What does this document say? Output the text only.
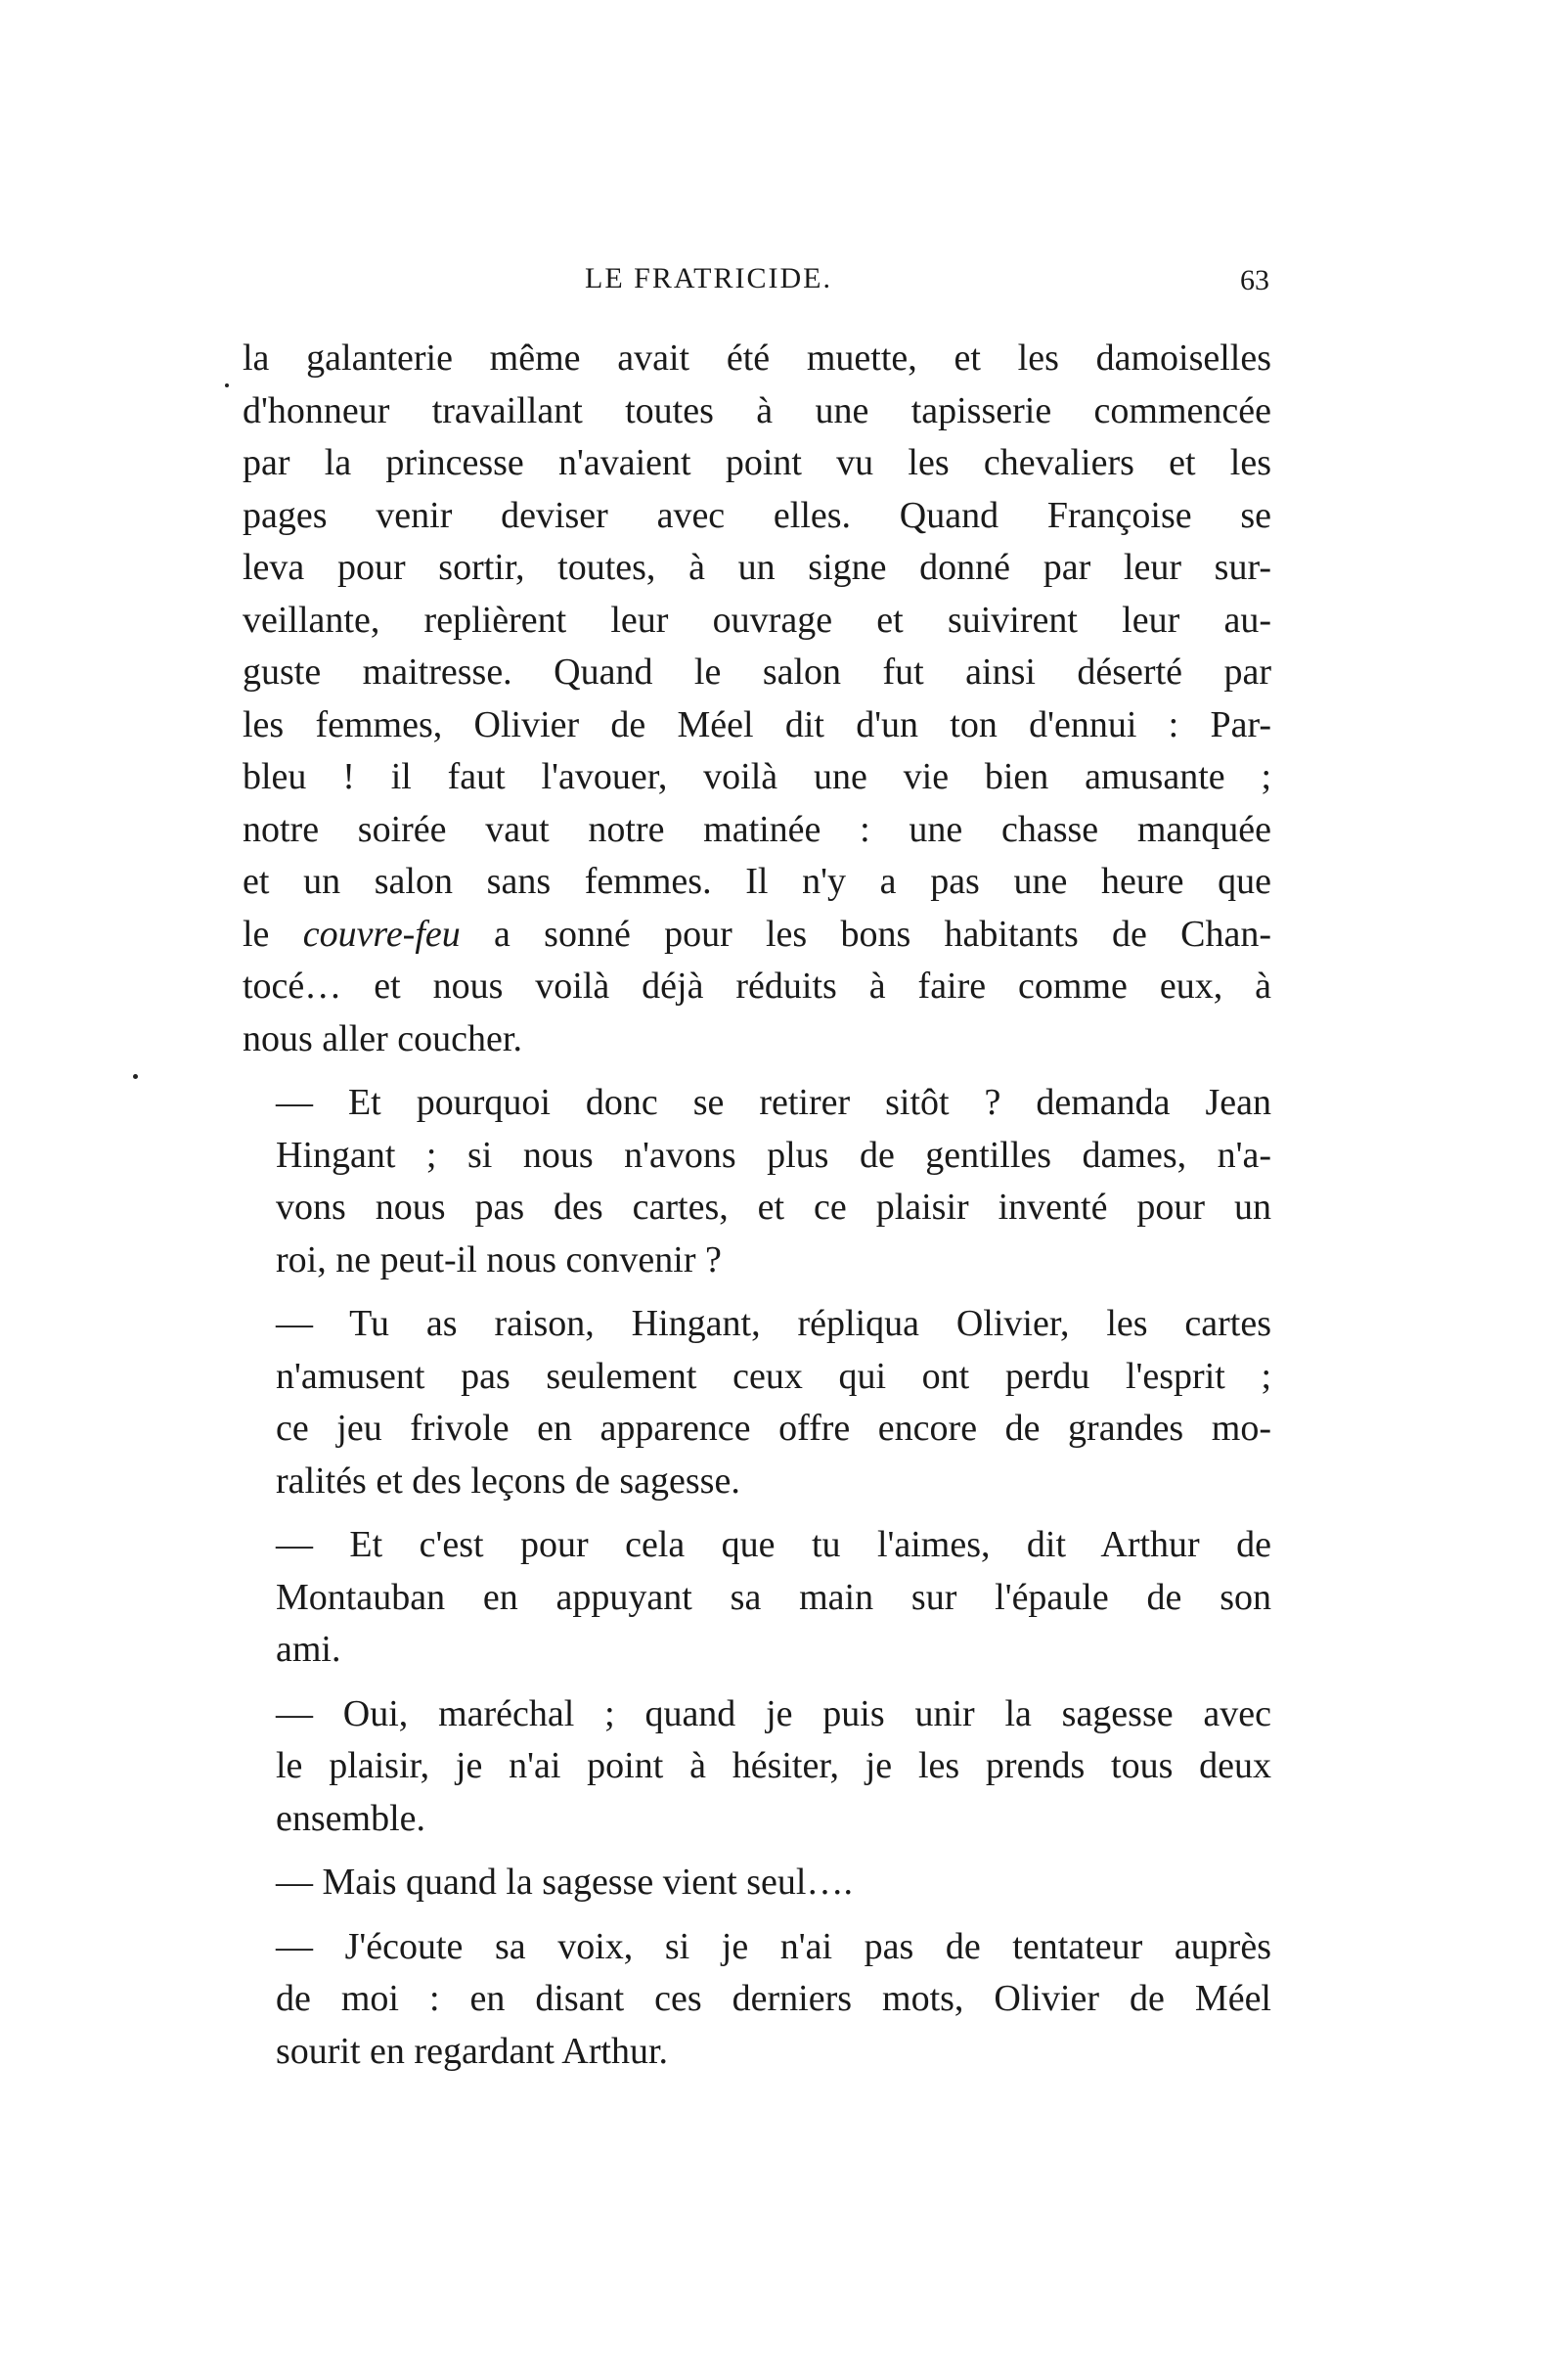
LE FRATRICIDE.	63

la galanterie même avait été muette, et les damoiselles
d'honneur travaillant toutes à une tapisserie commencée
par la princesse n'avaient point vu les chevaliers et les
pages venir deviser avec elles. Quand Françoise se
leva pour sortir, toutes, à un signe donné par leur sur-
veillante, replièrent leur ouvrage et suivirent leur au-
guste maitresse. Quand le salon fut ainsi déserté par
les femmes, Olivier de Méel dit d'un ton d'ennui : Par-
bleu ! il faut l'avouer, voilà une vie bien amusante ;
notre soirée vaut notre matinée : une chasse manquée
et un salon sans femmes. Il n'y a pas une heure que
le couvre-feu a sonné pour les bons habitants de Chan-
tocé… et nous voilà déjà réduits à faire comme eux, à
nous aller coucher.

— Et pourquoi donc se retirer sitôt ? demanda Jean
Hingant ; si nous n'avons plus de gentilles dames, n'a-
vons nous pas des cartes, et ce plaisir inventé pour un
roi, ne peut-il nous convenir ?

— Tu as raison, Hingant, répliqua Olivier, les cartes
n'amusent pas seulement ceux qui ont perdu l'esprit ;
ce jeu frivole en apparence offre encore de grandes mo-
ralités et des leçons de sagesse.

— Et c'est pour cela que tu l'aimes, dit Arthur de
Montauban en appuyant sa main sur l'épaule de son
ami.

— Oui, maréchal ; quand je puis unir la sagesse avec
le plaisir, je n'ai point à hésiter, je les prends tous deux
ensemble.

— Mais quand la sagesse vient seul….

— J'écoute sa voix, si je n'ai pas de tentateur auprès
de moi : en disant ces derniers mots, Olivier de Méel
sourit en regardant Arthur.
